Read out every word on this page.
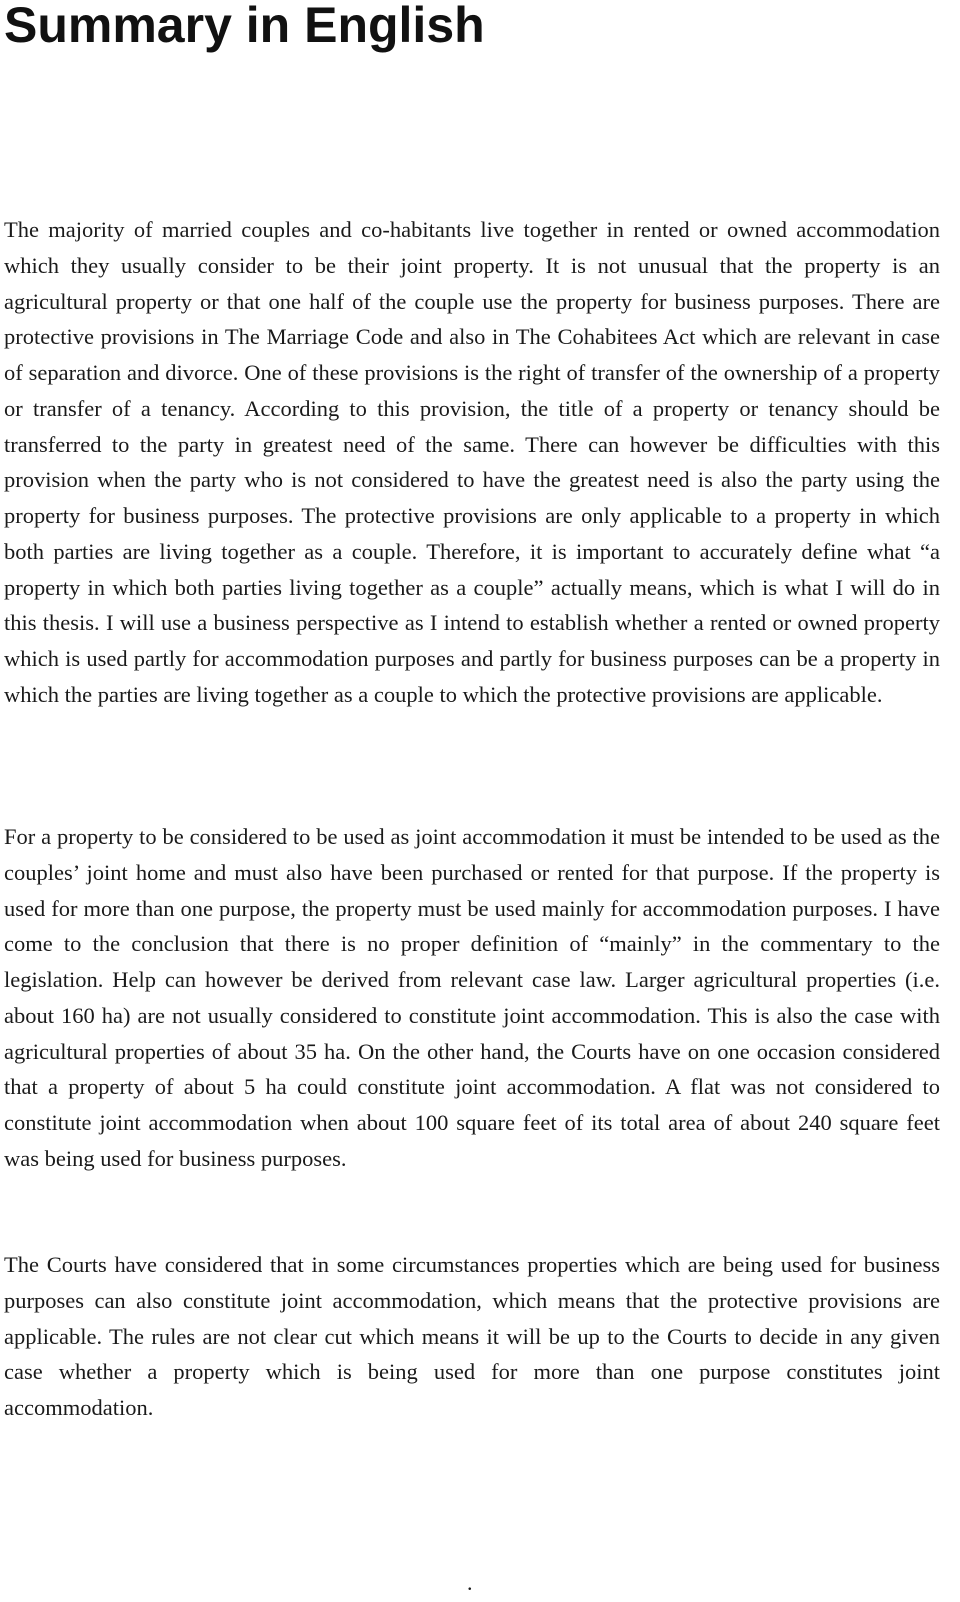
Summary in English

The majority of married couples and co-habitants live together in rented or owned accommodation which they usually consider to be their joint property. It is not unusual that the property is an agricultural property or that one half of the couple use the property for business purposes. There are protective provisions in The Marriage Code and also in The Cohabitees Act which are relevant in case of separation and divorce. One of these provisions is the right of transfer of the ownership of a property or transfer of a tenancy. According to this provision, the title of a property or tenancy should be transferred to the party in greatest need of the same. There can however be difficulties with this provision when the party who is not considered to have the greatest need is also the party using the property for business purposes. The protective provisions are only applicable to a property in which both parties are living together as a couple. Therefore, it is important to accurately define what “a property in which both parties living together as a couple” actually means, which is what I will do in this thesis. I will use a business perspective as I intend to establish whether a rented or owned property which is used partly for accommodation purposes and partly for business purposes can be a property in which the parties are living together as a couple to which the protective provisions are applicable.

For a property to be considered to be used as joint accommodation it must be intended to be used as the couples’ joint home and must also have been purchased or rented for that purpose. If the property is used for more than one purpose, the property must be used mainly for accommodation purposes. I have come to the conclusion that there is no proper definition of “mainly” in the commentary to the legislation. Help can however be derived from relevant case law. Larger agricultural properties (i.e. about 160 ha) are not usually considered to constitute joint accommodation. This is also the case with agricultural properties of about 35 ha. On the other hand, the Courts have on one occasion considered that a property of about 5 ha could constitute joint accommodation. A flat was not considered to constitute joint accommodation when about 100 square feet of its total area of about 240 square feet was being used for business purposes.

The Courts have considered that in some circumstances properties which are being used for business purposes can also constitute joint accommodation, which means that the protective provisions are applicable. The rules are not clear cut which means it will be up to the Courts to decide in any given case whether a property which is being used for more than one purpose constitutes joint accommodation.

.
